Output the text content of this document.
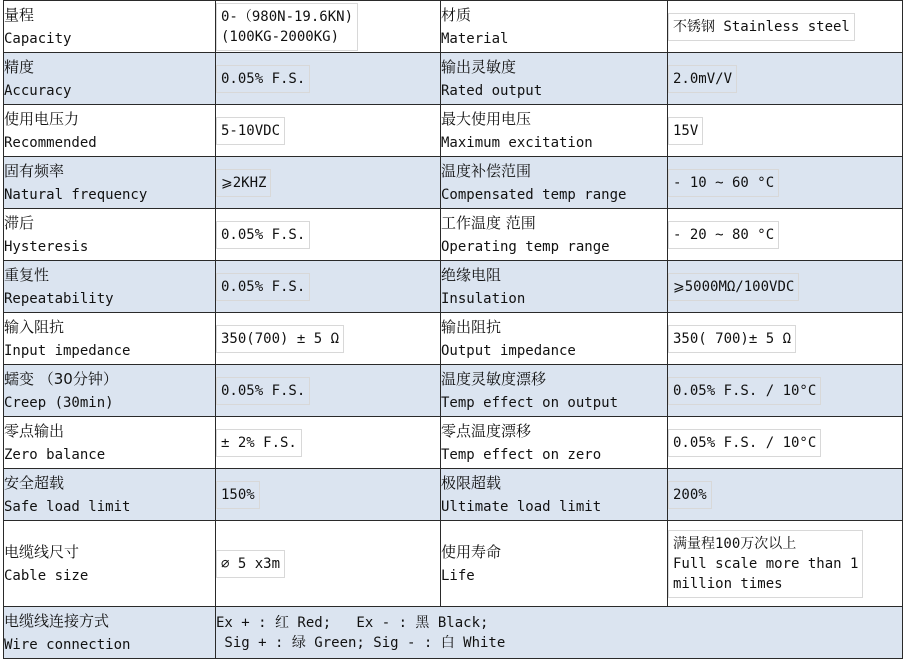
量程
Capacity	0-（980N-19.6KN)
(100KG-2000KG)	材质
Material	不锈钢 Stainless steel

精度
Accuracy	0.05% F.S.	输出灵敏度
Rated output	2.0mV/V

使用电压力
Recommended	5-10VDC	最大使用电压
Maximum excitation	15V

固有频率
Natural frequency	⩾2KHZ	温度补偿范围
Compensated temp range	- 10 ~ 60 °C

滞后
Hysteresis	0.05% F.S.	工作温度 范围
Operating temp range	- 20 ~ 80 °C

重复性
Repeatability	0.05% F.S.	绝缘电阻
Insulation	⩾5000MΩ/100VDC

输入阻抗
Input impedance	350(700) ± 5 Ω	输出阻抗
Output impedance	350( 700)± 5 Ω

蠕变 （30分钟）
Creep (30min)	0.05% F.S.	温度灵敏度漂移
Temp effect on output	0.05% F.S. / 10°C

零点输出
Zero balance	± 2% F.S.	零点温度漂移
Temp effect on zero	0.05% F.S. / 10°C

安全超载
Safe load limit	150%	极限超载
Ultimate load limit	200%

电缆线尺寸
Cable size	⌀ 5 x3m	使用寿命
Life	满量程100万次以上
Full scale more than 1
million times

电缆线连接方式
Wire connection	Ex + : 红 Red;   Ex - : 黑 Black;
Sig + : 绿 Green; Sig - : 白 White		
